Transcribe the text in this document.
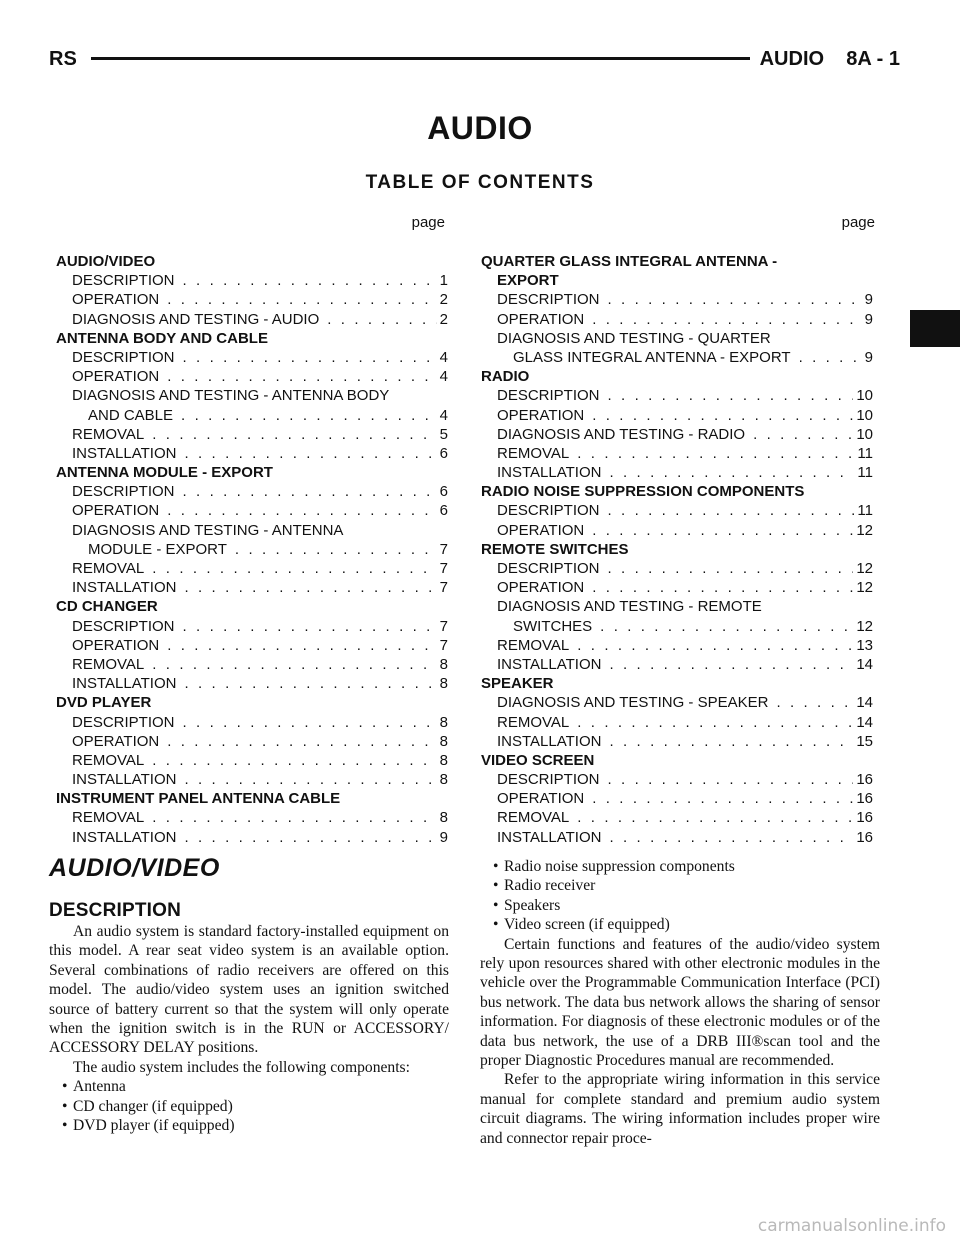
RS	AUDIO    8A - 1
AUDIO
TABLE OF CONTENTS
page	page
AUDIO/VIDEO
DESCRIPTION . . .	1
OPERATION . . .	2
DIAGNOSIS AND TESTING - AUDIO . . .	2
ANTENNA BODY AND CABLE
DESCRIPTION . . .	4
OPERATION . . .	4
DIAGNOSIS AND TESTING - ANTENNA BODY
AND CABLE . . .	4
REMOVAL . . .	5
INSTALLATION . . .	6
ANTENNA MODULE - EXPORT
DESCRIPTION . . .	6
OPERATION . . .	6
DIAGNOSIS AND TESTING - ANTENNA
MODULE - EXPORT . . .	7
REMOVAL . . .	7
INSTALLATION . . .	7
CD CHANGER
DESCRIPTION . . .	7
OPERATION . . .	7
REMOVAL . . .	8
INSTALLATION . . .	8
DVD PLAYER
DESCRIPTION . . .	8
OPERATION . . .	8
REMOVAL . . .	8
INSTALLATION . . .	8
INSTRUMENT PANEL ANTENNA CABLE
REMOVAL . . .	8
INSTALLATION . . .	9
QUARTER GLASS INTEGRAL ANTENNA -
EXPORT
DESCRIPTION . . .	9
OPERATION . . .	9
DIAGNOSIS AND TESTING - QUARTER
GLASS INTEGRAL ANTENNA - EXPORT . . .	9
RADIO
DESCRIPTION . . .	10
OPERATION . . .	10
DIAGNOSIS AND TESTING - RADIO . . .	10
REMOVAL . . .	11
INSTALLATION . . .	11
RADIO NOISE SUPPRESSION COMPONENTS
DESCRIPTION . . .	11
OPERATION . . .	12
REMOTE SWITCHES
DESCRIPTION . . .	12
OPERATION . . .	12
DIAGNOSIS AND TESTING - REMOTE
SWITCHES . . .	12
REMOVAL . . .	13
INSTALLATION . . .	14
SPEAKER
DIAGNOSIS AND TESTING - SPEAKER . . .	14
REMOVAL . . .	14
INSTALLATION . . .	15
VIDEO SCREEN
DESCRIPTION . . .	16
OPERATION . . .	16
REMOVAL . . .	16
INSTALLATION . . .	16
AUDIO/VIDEO
DESCRIPTION

An audio system is standard factory-installed equipment on this model. A rear seat video system is an available option. Several combinations of radio receivers are offered on this model. The audio/video system uses an ignition switched source of battery current so that the system will only operate when the ignition switch is in the RUN or ACCESSORY/ ACCESSORY DELAY positions.

The audio system includes the following components:

• Antenna
• CD changer (if equipped)
• DVD player (if equipped)
• Radio noise suppression components
• Radio receiver
• Speakers
• Video screen (if equipped)

Certain functions and features of the audio/video system rely upon resources shared with other electronic modules in the vehicle over the Programmable Communication Interface (PCI) bus network. The data bus network allows the sharing of sensor information. For diagnosis of these electronic modules or of the data bus network, the use of a DRB III®scan tool and the proper Diagnostic Procedures manual are recommended.

Refer to the appropriate wiring information in this service manual for complete standard and premium audio system circuit diagrams. The wiring information includes proper wire and connector repair proce-

carmanualsonline.info
